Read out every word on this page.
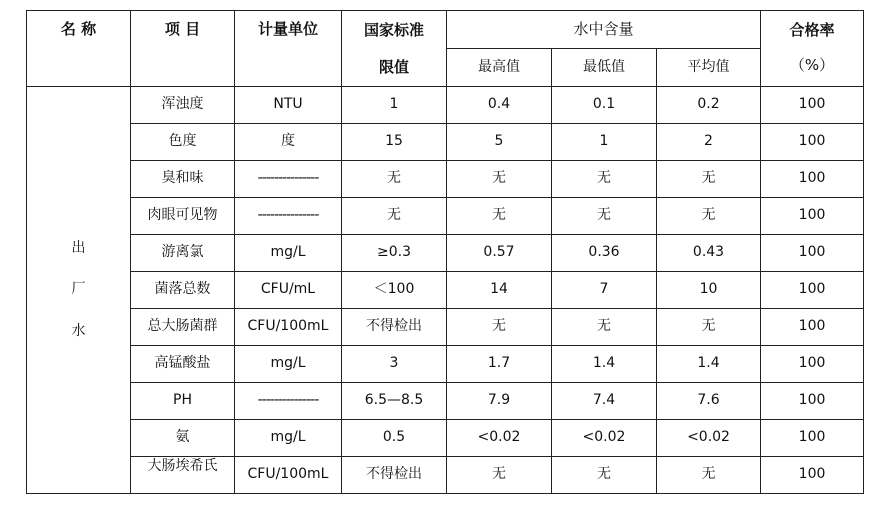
名 称	项 目	计量单位	国家标准	水中含量			合格率
			限值	最高值	最低值	平均值	（%）

出
厂
水	浑浊度	NTU	1	0.4	0.1	0.2	100
	色度	度	15	5	1	2	100
	臭和味	---------------	无	无	无	无	100
	肉眼可见物	---------------	无	无	无	无	100
	游离氯	mg/L	≥0.3	0.57	0.36	0.43	100
	菌落总数	CFU/mL	＜100	14	7	10	100
	总大肠菌群	CFU/100mL	不得检出	无	无	无	100
	高锰酸盐	mg/L	3	1.7	1.4	1.4	100
	PH	---------------	6.5—8.5	7.9	7.4	7.6	100
	氨	mg/L	0.5	<0.02	<0.02	<0.02	100
	大肠埃希氏	CFU/100mL	不得检出	无	无	无	100
